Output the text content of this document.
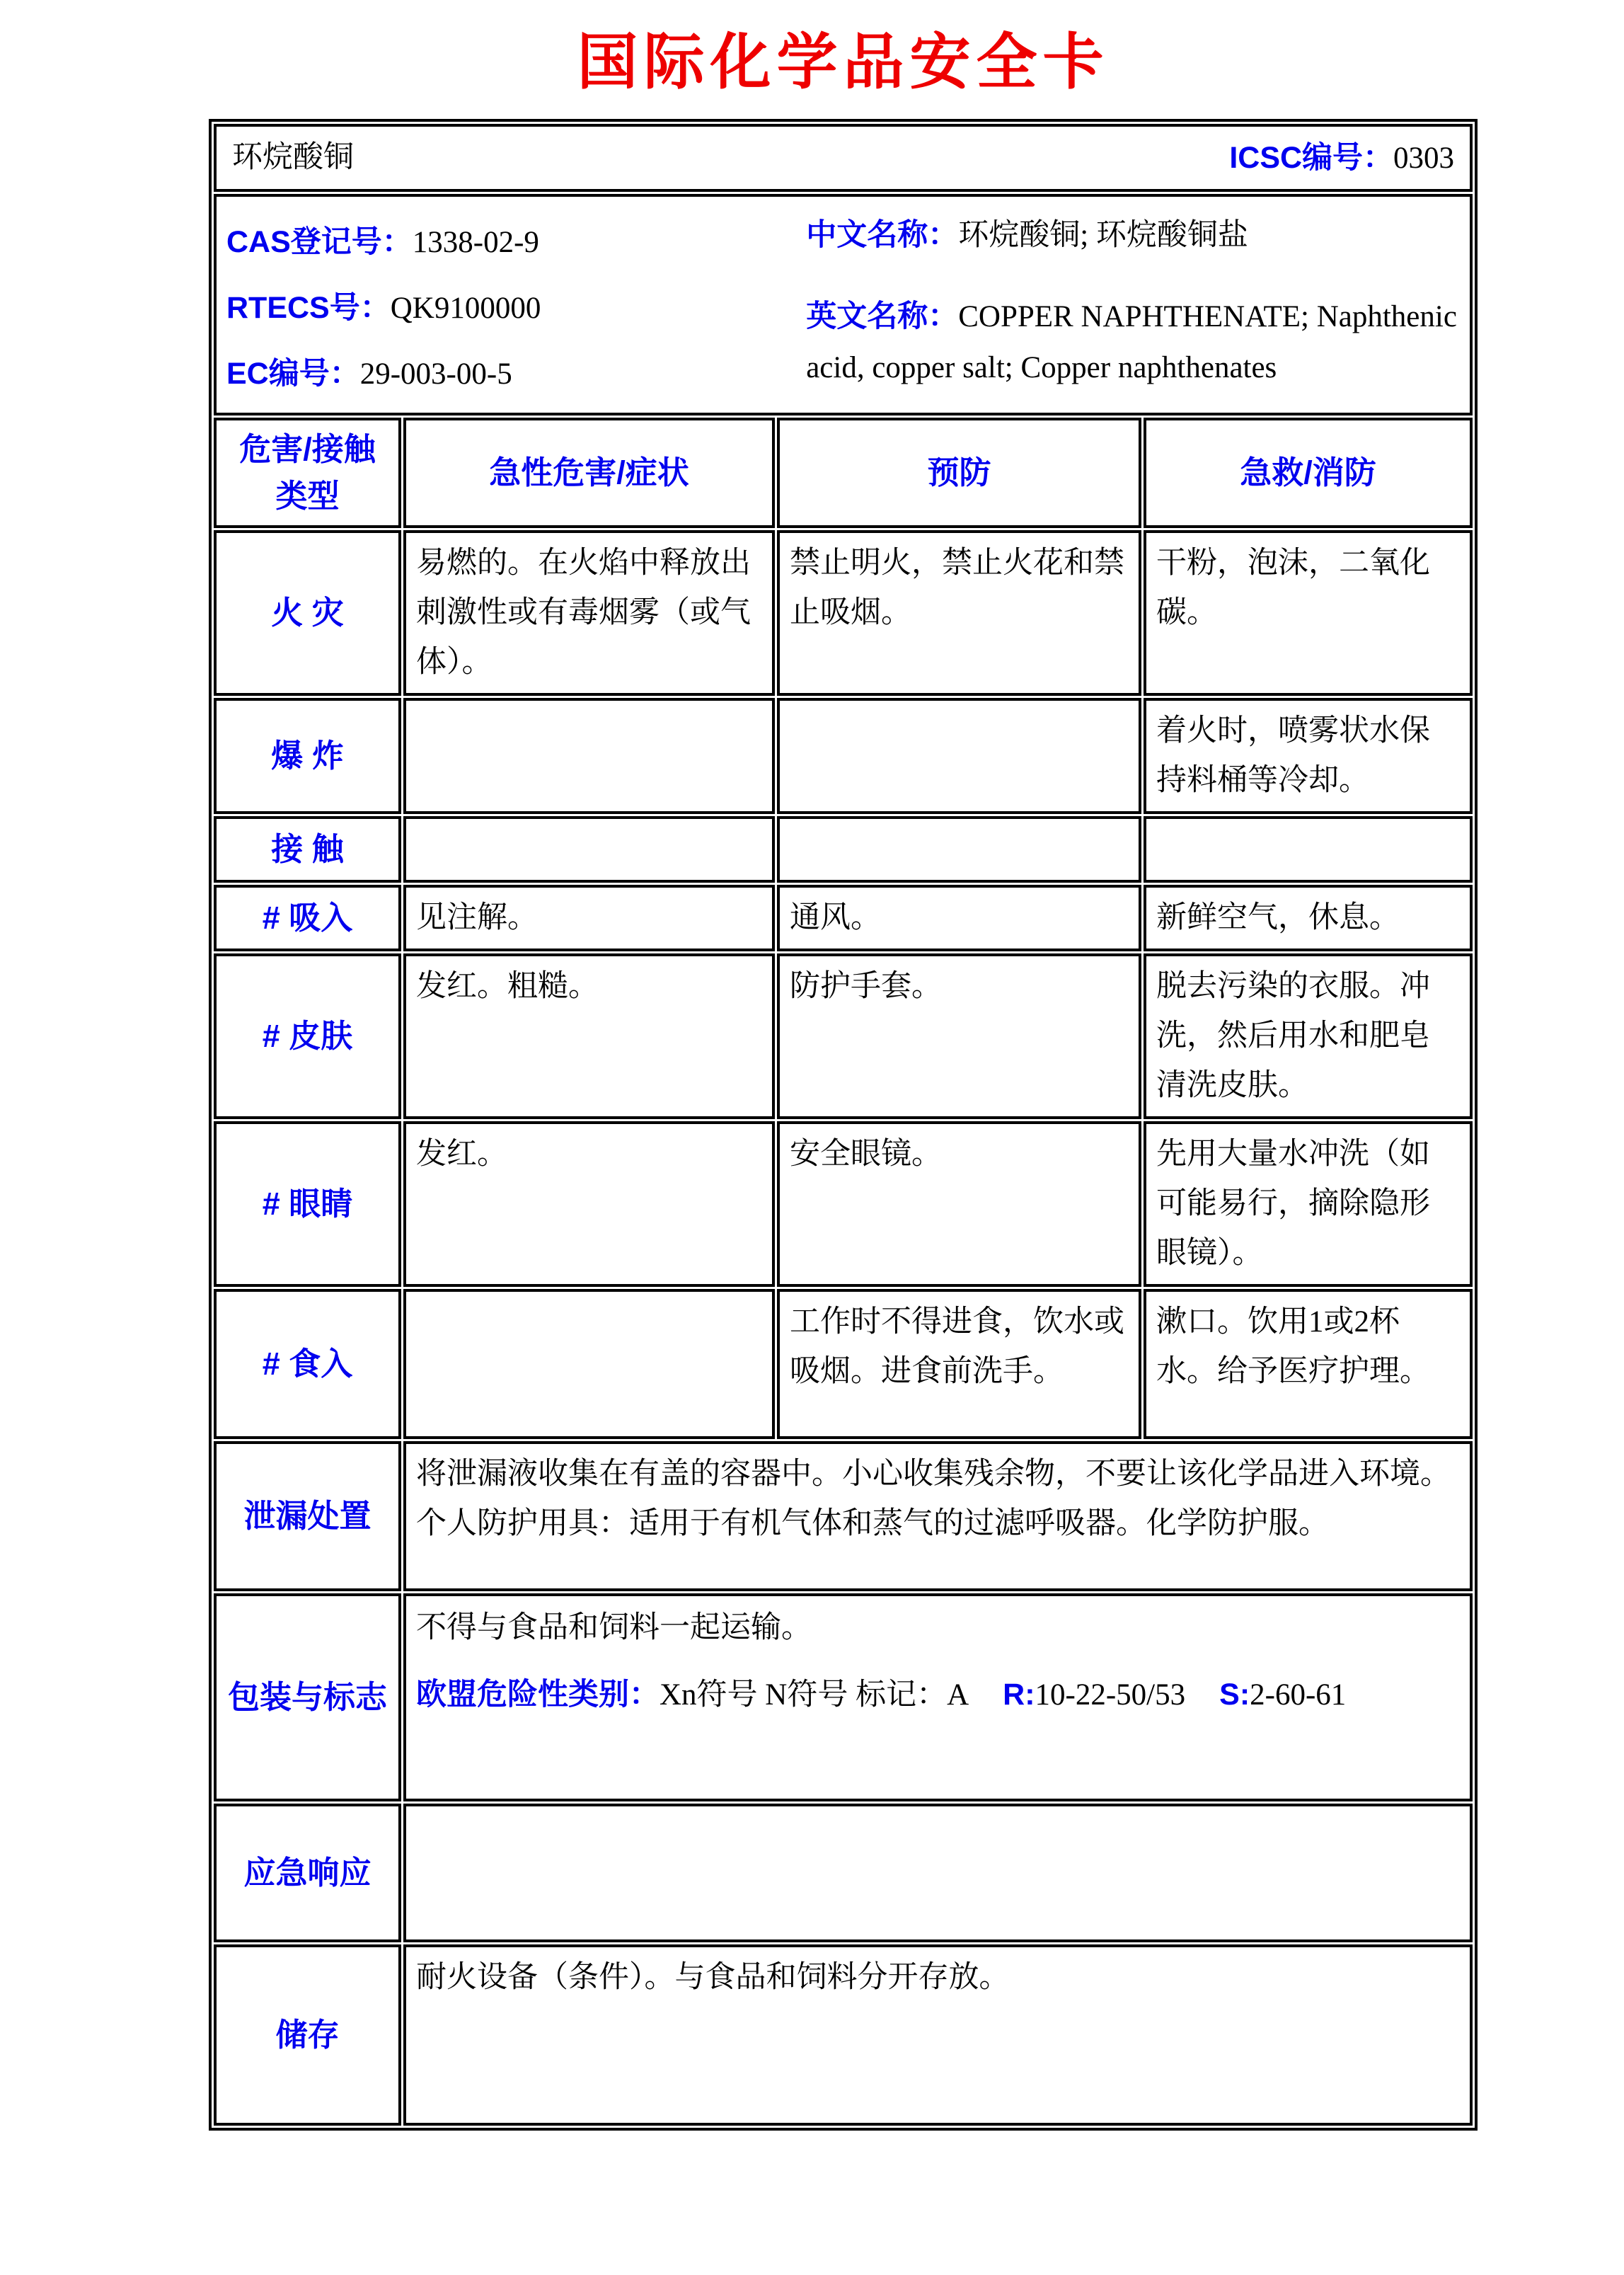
国际化学品安全卡
环烷酸铜 ICSC编号：0303			

CAS登记号：1338-02-9
RTECS号：QK9100000
EC编号：29-003-00-5
中文名称：环烷酸铜; 环烷酸铜盐
英文名称：COPPER NAPHTHENATE; Naphthenic acid, copper salt; Copper naphthenates			

危害/接触
类型	急性危害/症状	预防	急救/消防
火 灾	易燃的。在火焰中释放出刺激性或有毒烟雾（或气体）。	禁止明火，禁止火花和禁止吸烟。	干粉，泡沫，二氧化碳。
爆 炸			着火时，喷雾状水保持料桶等冷却。
接 触			
# 吸入	见注解。	通风。	新鲜空气，休息。
# 皮肤	发红。粗糙。	防护手套。	脱去污染的衣服。冲洗，然后用水和肥皂清洗皮肤。
# 眼睛	发红。	安全眼镜。	先用大量水冲洗（如可能易行，摘除隐形眼镜）。
# 食入		工作时不得进食，饮水或吸烟。进食前洗手。	漱口。饮用1或2杯水。给予医疗护理。
泄漏处置	将泄漏液收集在有盖的容器中。小心收集残余物，不要让该化学品进入环境。个人防护用具：适用于有机气体和蒸气的过滤呼吸器。化学防护服。		
包装与标志	不得与食品和饲料一起运输。
欧盟危险性类别：Xn符号 N符号 标记：A R:10-22-50/53 S:2-60-61		

应急响应			
储存	耐火设备（条件）。与食品和饲料分开存放。		
